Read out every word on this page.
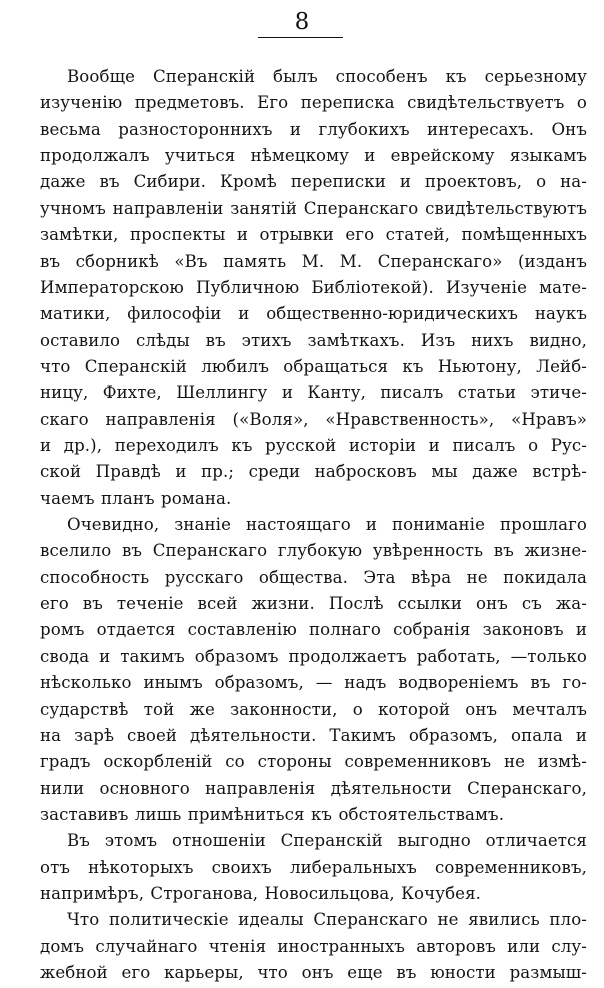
8
Вообще Сперанскій былъ способенъ къ серьезному
изученію предметовъ. Его переписка свидѣтельствуетъ о
весьма разностороннихъ и глубокихъ интересахъ. Онъ
продолжалъ учиться нѣмецкому и еврейскому языкамъ
даже въ Сибири. Кромѣ переписки и проектовъ, о на-
учномъ направленіи занятій Сперанскаго свидѣтельствуютъ
замѣтки, проспекты и отрывки его статей, помѣщенныхъ
въ сборникѣ «Въ память М. М. Сперанскаго» (изданъ
Императорскою Публичною Библіотекой). Изученіе мате-
матики, философіи и общественно-юридическихъ наукъ
оставило слѣды въ этихъ замѣткахъ. Изъ нихъ видно,
что Сперанскій любилъ обращаться къ Ньютону, Лейб-
ницу, Фихте, Шеллингу и Канту, писалъ статьи этиче-
скаго направленія («Воля», «Нравственность», «Нравъ»
и др.), переходилъ къ русской исторіи и писалъ о Рус-
ской Правдѣ и пр.; среди набросковъ мы даже встрѣ-
чаемъ планъ романа.
Очевидно, знаніе настоящаго и пониманіе прошлаго
вселило въ Сперанскаго глубокую увѣренность въ жизне-
способность русскаго общества. Эта вѣра не покидала
его въ теченіе всей жизни. Послѣ ссылки онъ съ жа-
ромъ отдается составленію полнаго собранія законовъ и
свода и такимъ образомъ продолжаетъ работать, —только
нѣсколько инымъ образомъ, — надъ водвореніемъ въ го-
сударствѣ той же законности, о которой онъ мечталъ
на зарѣ своей дѣятельности. Такимъ образомъ, опала и
градъ оскорбленій со стороны современниковъ не измѣ-
нили основного направленія дѣятельности Сперанскаго,
заставивъ лишь примѣниться къ обстоятельствамъ.
Въ этомъ отношеніи Сперанскій выгодно отличается
отъ нѣкоторыхъ своихъ либеральныхъ современниковъ,
напримѣръ, Строганова, Новосильцова, Кочубея.
Что политическіе идеалы Сперанскаго не явились пло-
домъ случайнаго чтенія иностранныхъ авторовъ или слу-
жебной его карьеры, что онъ еще въ юности размыш-
